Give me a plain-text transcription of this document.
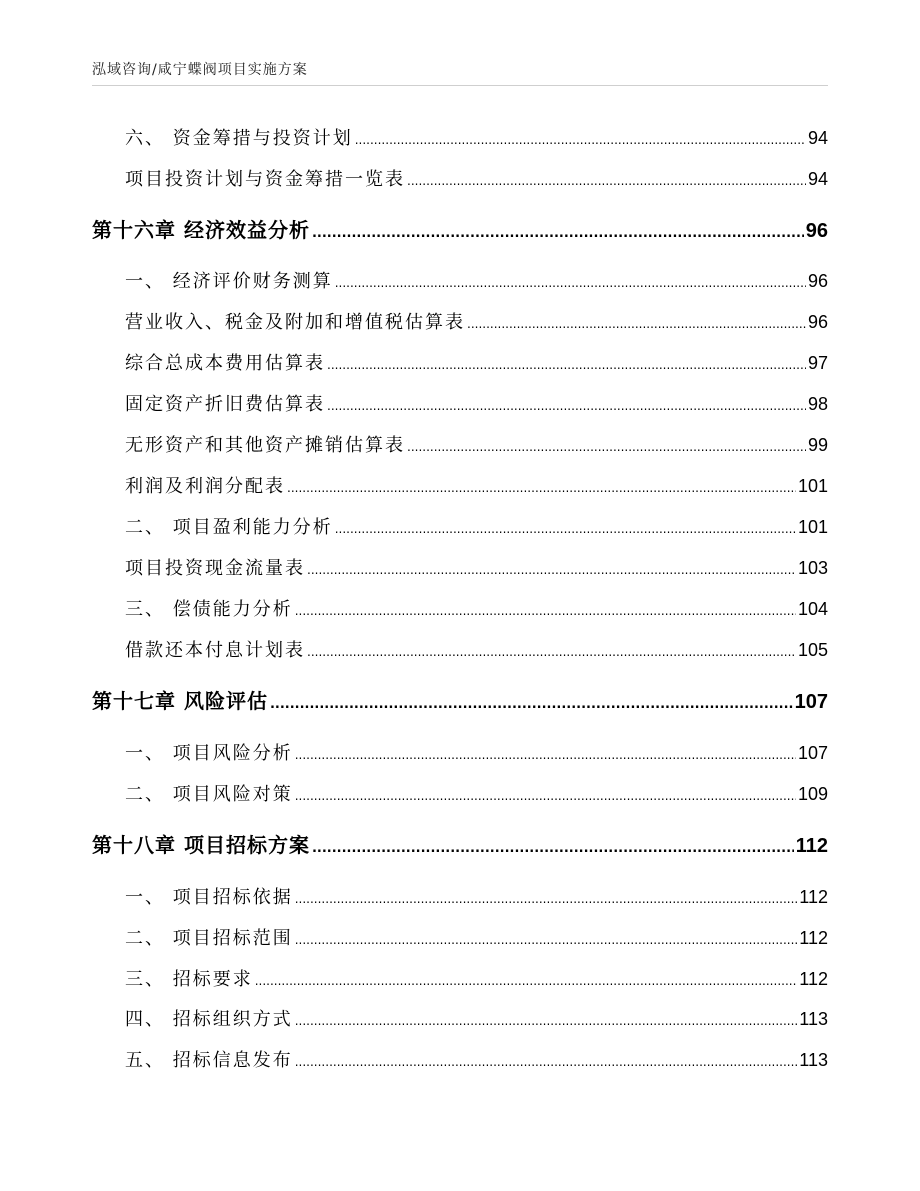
泓域咨询/咸宁蝶阀项目实施方案
六、 资金筹措与投资计划 .....	94
项目投资计划与资金筹措一览表 .....	94
第十六章 经济效益分析 .....	96
一、 经济评价财务测算 .....	96
营业收入、税金及附加和增值税估算表 .....	96
综合总成本费用估算表 .....	97
固定资产折旧费估算表 .....	98
无形资产和其他资产摊销估算表 .....	99
利润及利润分配表 .....	101
二、 项目盈利能力分析 .....	101
项目投资现金流量表 .....	103
三、 偿债能力分析 .....	104
借款还本付息计划表 .....	105
第十七章 风险评估 .....	107
一、 项目风险分析 .....	107
二、 项目风险对策 .....	109
第十八章 项目招标方案 .....	112
一、 项目招标依据 .....	112
二、 项目招标范围 .....	112
三、 招标要求 .....	112
四、 招标组织方式 .....	113
五、 招标信息发布 .....	113
